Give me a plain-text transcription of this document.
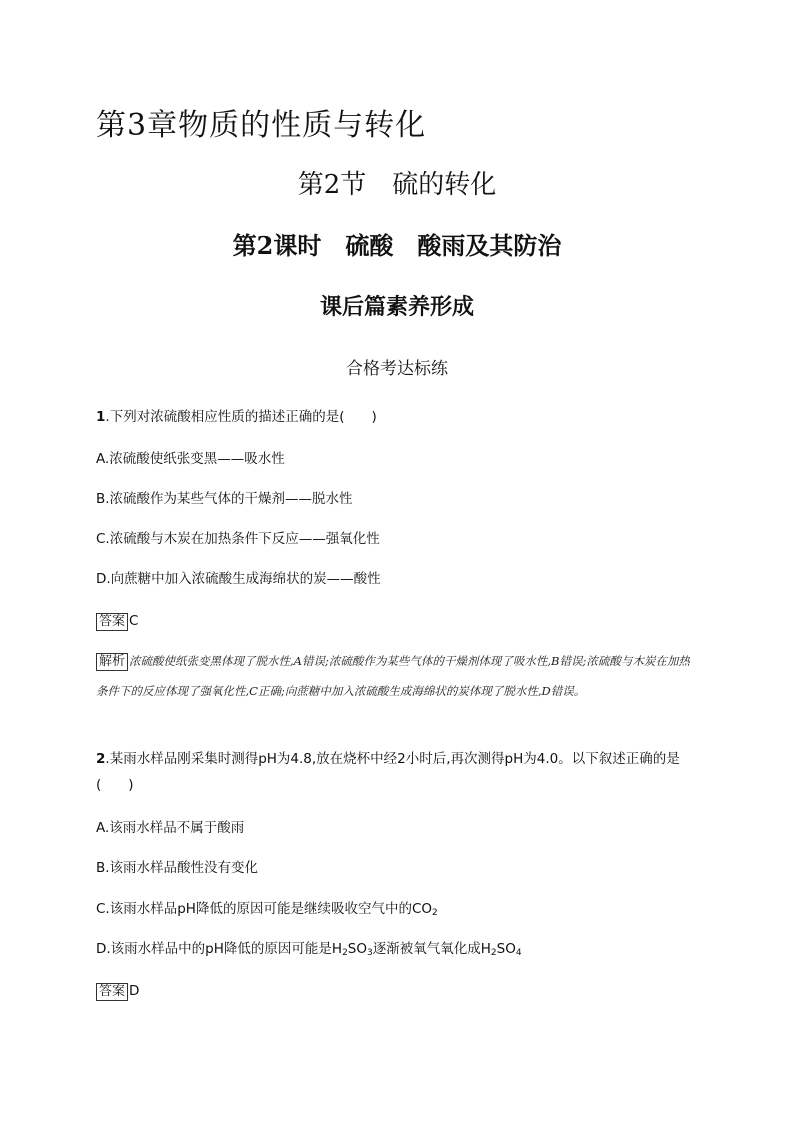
第3章物质的性质与转化
第2节　硫的转化
第2课时　硫酸　酸雨及其防治
课后篇素养形成
合格考达标练
1.下列对浓硫酸相应性质的描述正确的是(　　)
A.浓硫酸使纸张变黑——吸水性
B.浓硫酸作为某些气体的干燥剂——脱水性
C.浓硫酸与木炭在加热条件下反应——强氧化性
D.向蔗糖中加入浓硫酸生成海绵状的炭——酸性
答案 C
解析 浓硫酸使纸张变黑体现了脱水性,A错误;浓硫酸作为某些气体的干燥剂体现了吸水性,B错误;浓硫酸与木炭在加热条件下的反应体现了强氧化性,C正确;向蔗糖中加入浓硫酸生成海绵状的炭体现了脱水性,D错误。
2.某雨水样品刚采集时测得pH为4.8,放在烧杯中经2小时后,再次测得pH为4.0。以下叙述正确的是(　　)
A.该雨水样品不属于酸雨
B.该雨水样品酸性没有变化
C.该雨水样品pH降低的原因可能是继续吸收空气中的$CO_2$
D.该雨水样品中的pH降低的原因可能是$H_2SO_3$逐渐被氧气氧化成$H_2SO_4$
答案 D
